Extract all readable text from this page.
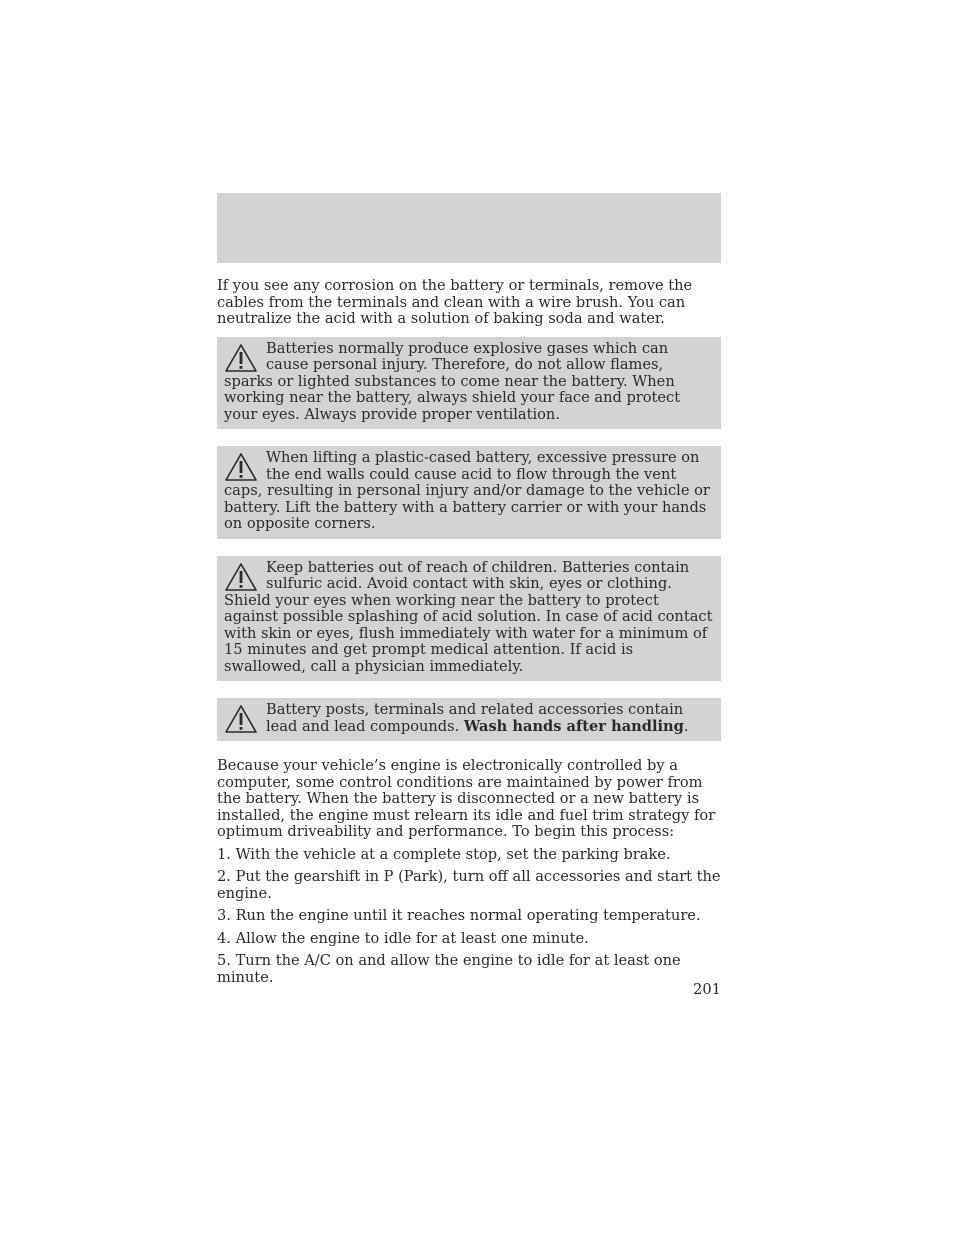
If you see any corrosion on the battery or terminals, remove the cables from the terminals and clean with a wire brush. You can neutralize the acid with a solution of baking soda and water.

Batteries normally produce explosive gases which can cause personal injury. Therefore, do not allow flames, sparks or lighted substances to come near the battery. When working near the battery, always shield your face and protect your eyes. Always provide proper ventilation.
When lifting a plastic-cased battery, excessive pressure on the end walls could cause acid to flow through the vent caps, resulting in personal injury and/or damage to the vehicle or battery. Lift the battery with a battery carrier or with your hands on opposite corners.
Keep batteries out of reach of children. Batteries contain sulfuric acid. Avoid contact with skin, eyes or clothing. Shield your eyes when working near the battery to protect against possible splashing of acid solution. In case of acid contact with skin or eyes, flush immediately with water for a minimum of 15 minutes and get prompt medical attention. If acid is swallowed, call a physician immediately.
Battery posts, terminals and related accessories contain lead and lead compounds. Wash hands after handling.

Because your vehicle’s engine is electronically controlled by a computer, some control conditions are maintained by power from the battery. When the battery is disconnected or a new battery is installed, the engine must relearn its idle and fuel trim strategy for optimum driveability and performance. To begin this process:

1. With the vehicle at a complete stop, set the parking brake.

2. Put the gearshift in P (Park), turn off all accessories and start the engine.

3. Run the engine until it reaches normal operating temperature.

4. Allow the engine to idle for at least one minute.

5. Turn the A/C on and allow the engine to idle for at least one minute.

201
